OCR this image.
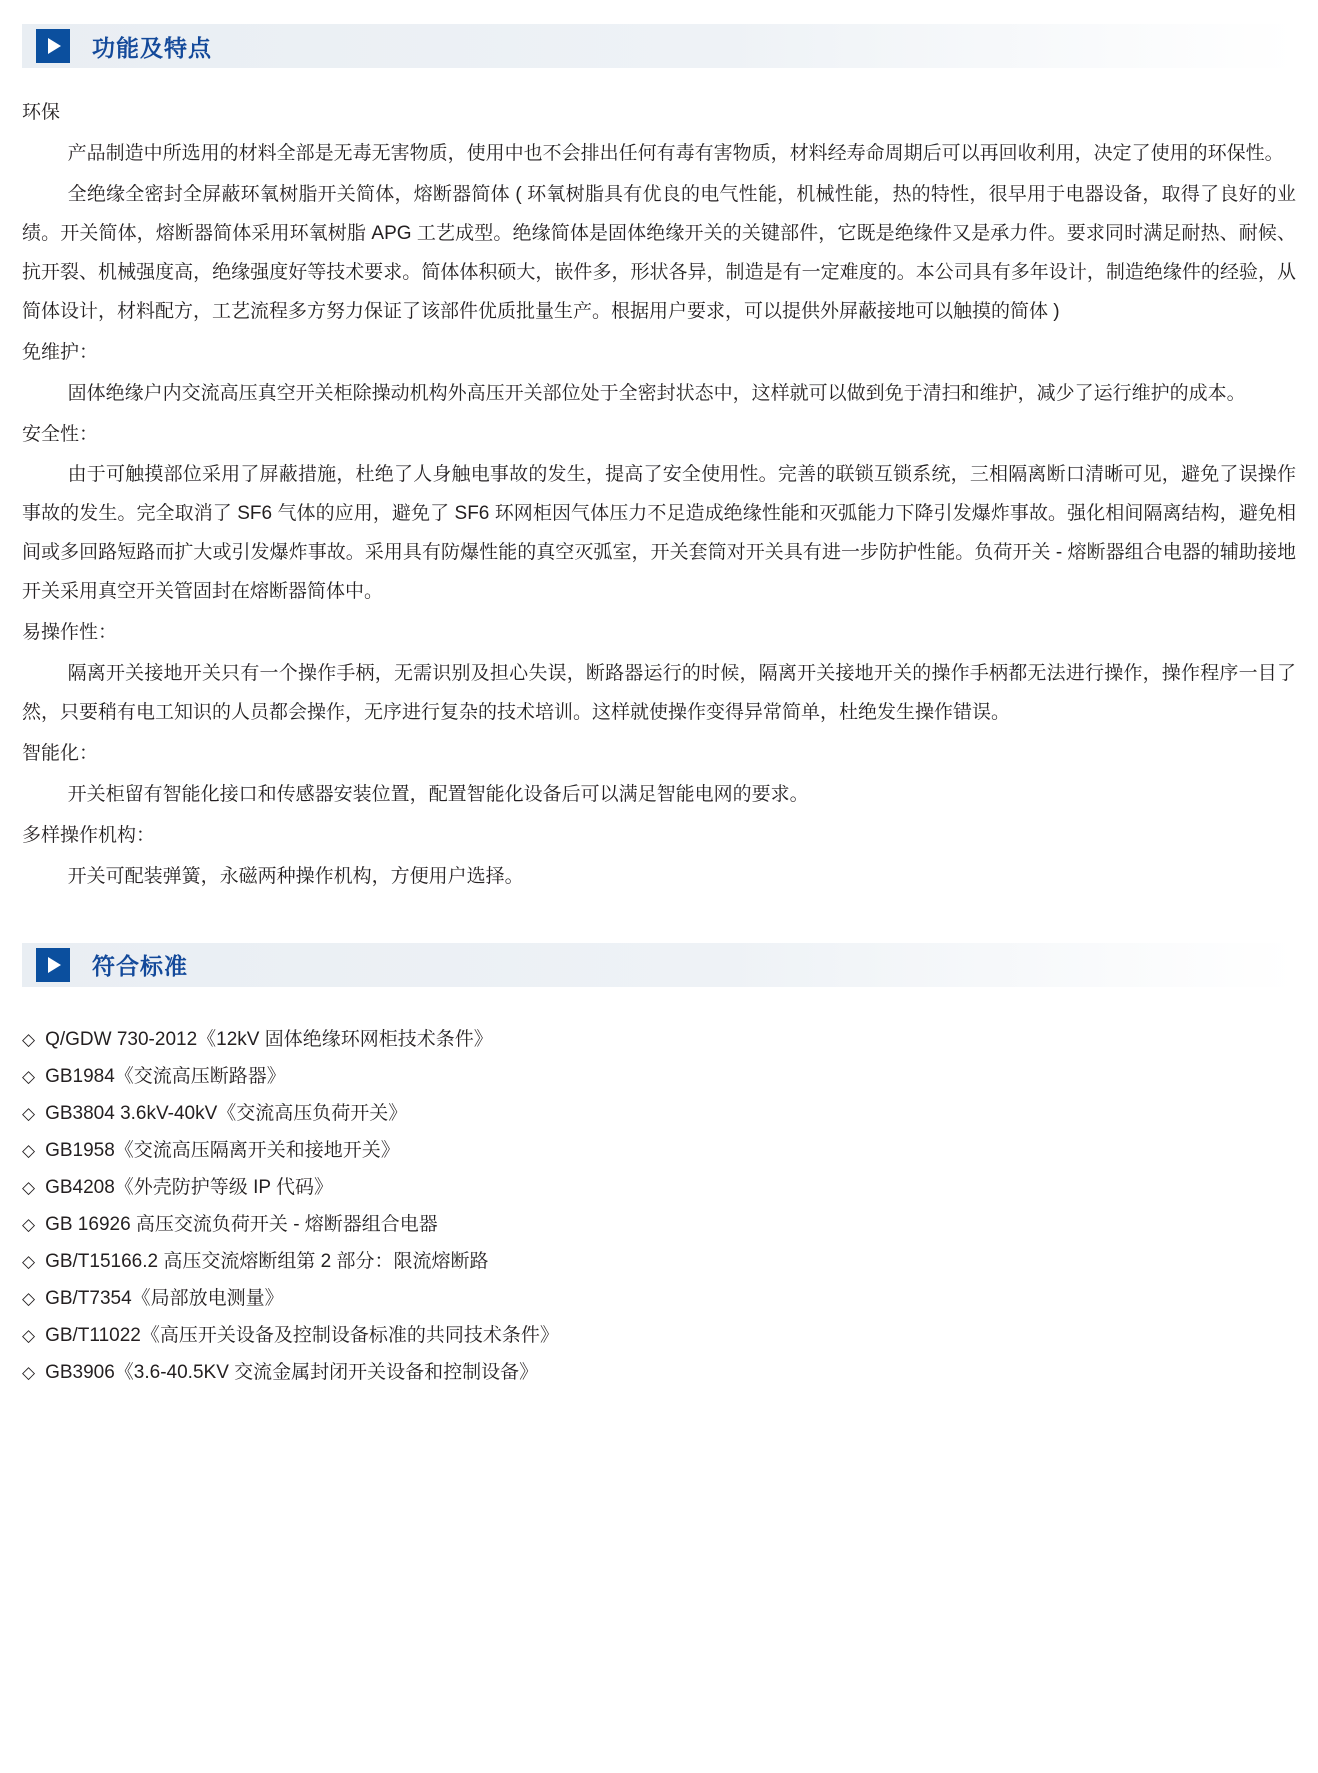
功能及特点

环保

产品制造中所选用的材料全部是无毒无害物质，使用中也不会排出任何有毒有害物质，材料经寿命周期后可以再回收利用，决定了使用的环保性。

全绝缘全密封全屏蔽环氧树脂开关简体，熔断器简体 ( 环氧树脂具有优良的电气性能，机械性能，热的特性，很早用于电器设备，取得了良好的业绩。开关简体，熔断器简体采用环氧树脂 APG 工艺成型。绝缘简体是固体绝缘开关的关键部件，它既是绝缘件又是承力件。要求同时满足耐热、耐候、抗开裂、机械强度高，绝缘强度好等技术要求。简体体积硕大，嵌件多，形状各异，制造是有一定难度的。本公司具有多年设计，制造绝缘件的经验，从简体设计，材料配方，工艺流程多方努力保证了该部件优质批量生产。根据用户要求，可以提供外屏蔽接地可以触摸的简体 )

免维护：

固体绝缘户内交流高压真空开关柜除操动机构外高压开关部位处于全密封状态中，这样就可以做到免于清扫和维护，减少了运行维护的成本。

安全性：

由于可触摸部位采用了屏蔽措施，杜绝了人身触电事故的发生，提高了安全使用性。完善的联锁互锁系统，三相隔离断口清晰可见，避免了误操作事故的发生。完全取消了 SF6 气体的应用，避免了 SF6 环网柜因气体压力不足造成绝缘性能和灭弧能力下降引发爆炸事故。强化相间隔离结构，避免相间或多回路短路而扩大或引发爆炸事故。采用具有防爆性能的真空灭弧室，开关套筒对开关具有进一步防护性能。负荷开关 - 熔断器组合电器的辅助接地开关采用真空开关管固封在熔断器简体中。

易操作性：

隔离开关接地开关只有一个操作手柄，无需识别及担心失误，断路器运行的时候，隔离开关接地开关的操作手柄都无法进行操作，操作程序一目了然，只要稍有电工知识的人员都会操作，无序进行复杂的技术培训。这样就使操作变得异常简单，杜绝发生操作错误。

智能化：

开关柜留有智能化接口和传感器安装位置，配置智能化设备后可以满足智能电网的要求。

多样操作机构：

开关可配装弹簧，永磁两种操作机构，方便用户选择。

符合标准
◇ Q/GDW 730-2012《12kV 固体绝缘环网柜技术条件》
◇ GB1984《交流高压断路器》
◇ GB3804 3.6kV-40kV《交流高压负荷开关》
◇ GB1958《交流高压隔离开关和接地开关》
◇ GB4208《外壳防护等级 IP 代码》
◇ GB 16926 高压交流负荷开关 - 熔断器组合电器
◇ GB/T15166.2 高压交流熔断组第 2 部分：限流熔断路
◇ GB/T7354《局部放电测量》
◇ GB/T11022《高压开关设备及控制设备标准的共同技术条件》
◇ GB3906《3.6-40.5KV 交流金属封闭开关设备和控制设备》
